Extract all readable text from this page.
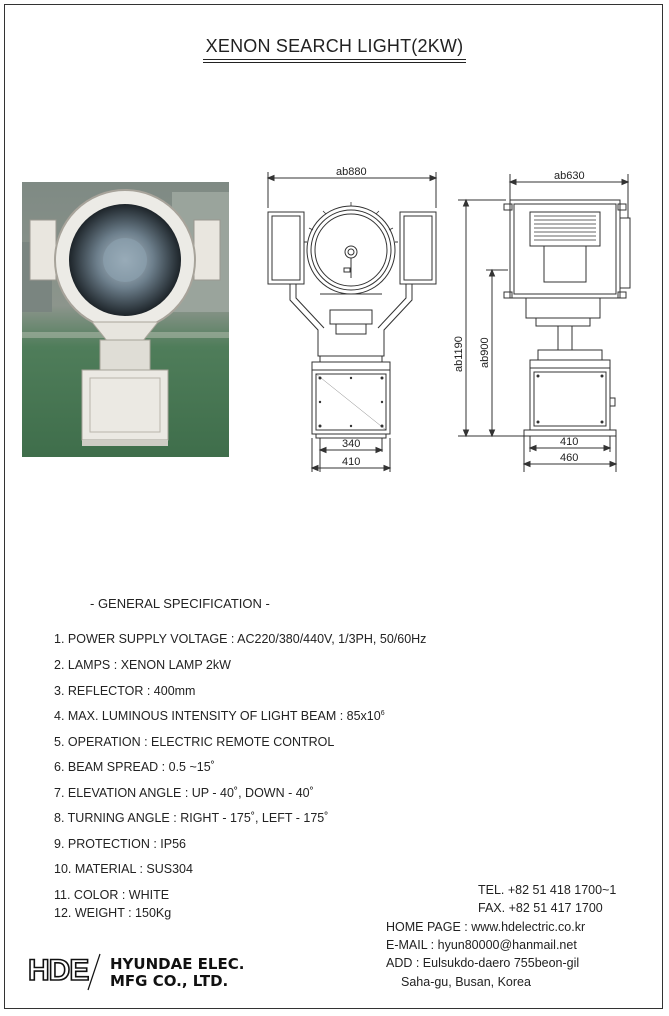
XENON SEARCH LIGHT(2KW)
ab880	ab630
340
410
410
460
ab1190 ab900
- GENERAL SPECIFICATION -
1. POWER SUPPLY VOLTAGE : AC220/380/440V, 1/3PH, 50/60Hz
2. LAMPS : XENON LAMP 2kW
3. REFLECTOR : 400mm
4. MAX. LUMINOUS INTENSITY OF LIGHT BEAM : $85x10^6$
5. OPERATION : ELECTRIC REMOTE CONTROL
6. BEAM SPREAD : 0.5 ~15˚
7. ELEVATION ANGLE : UP - 40˚, DOWN - 40˚
8. TURNING ANGLE : RIGHT - 175˚, LEFT - 175˚
9. PROTECTION : IP56
10. MATERIAL : SUS304
11. COLOR : WHITE
12. WEIGHT : 150Kg
TEL. +82 51 418 1700~1
FAX. +82 51 417 1700
HOME PAGE : www.hdelectric.co.kr
E-MAIL : hyun80000@hanmail.net
ADD : Eulsukdo-daero 755beon-gil
Saha-gu, Busan, Korea
HDE HYUNDAE ELEC.
MFG CO., LTD.
